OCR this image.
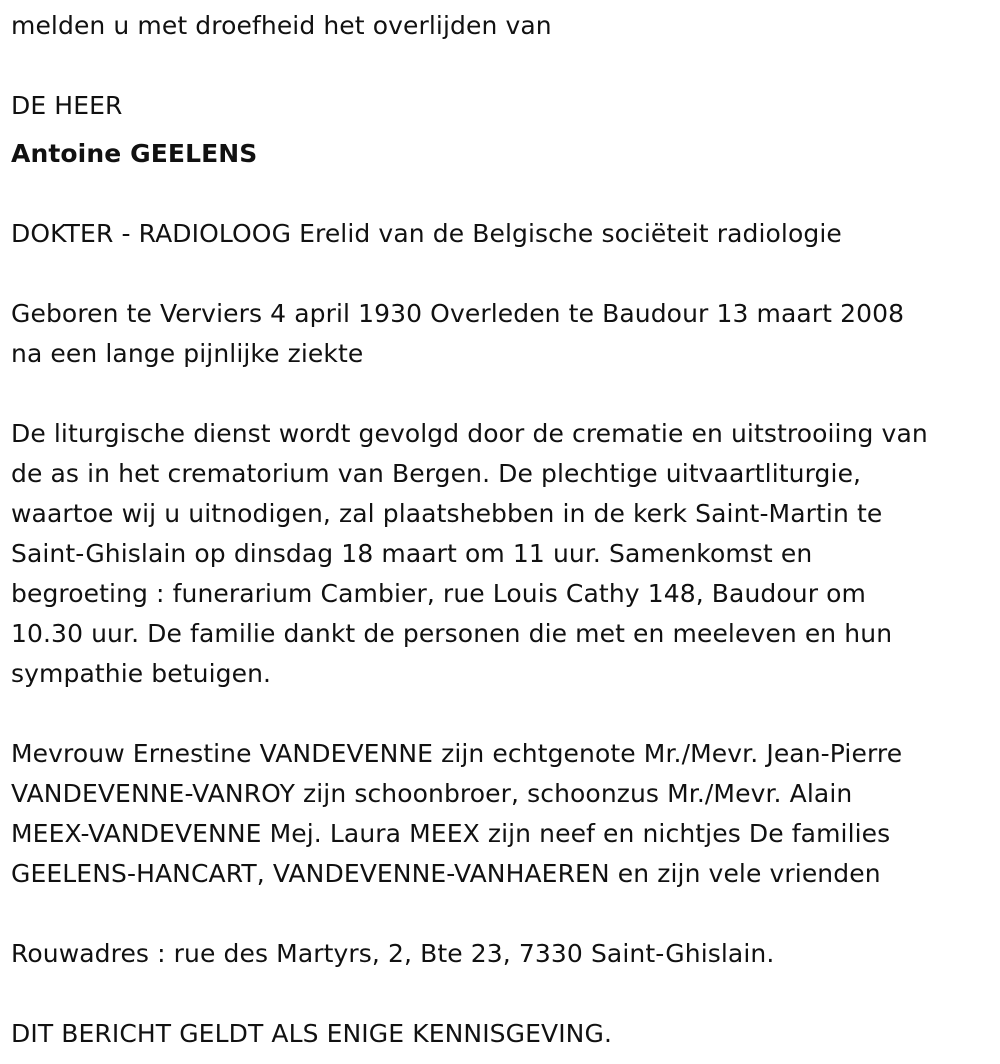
melden u met droefheid het overlijden van
DE HEER
Antoine GEELENS
DOKTER - RADIOLOOG Erelid van de Belgische sociëteit radiologie
Geboren te Verviers 4 april 1930 Overleden te Baudour 13 maart 2008
na een lange pijnlijke ziekte
De liturgische dienst wordt gevolgd door de crematie en uitstrooiing van
de as in het crematorium van Bergen. De plechtige uitvaartliturgie,
waartoe wij u uitnodigen, zal plaatshebben in de kerk Saint-Martin te
Saint-Ghislain op dinsdag 18 maart om 11 uur. Samenkomst en
begroeting : funerarium Cambier, rue Louis Cathy 148, Baudour om
10.30 uur. De familie dankt de personen die met en meeleven en hun
sympathie betuigen.
Mevrouw Ernestine VANDEVENNE zijn echtgenote Mr./Mevr. Jean-Pierre
VANDEVENNE-VANROY zijn schoonbroer, schoonzus Mr./Mevr. Alain
MEEX-VANDEVENNE Mej. Laura MEEX zijn neef en nichtjes De families
GEELENS-HANCART, VANDEVENNE-VANHAEREN en zijn vele vrienden
Rouwadres : rue des Martyrs, 2, Bte 23, 7330 Saint-Ghislain.
DIT BERICHT GELDT ALS ENIGE KENNISGEVING.
